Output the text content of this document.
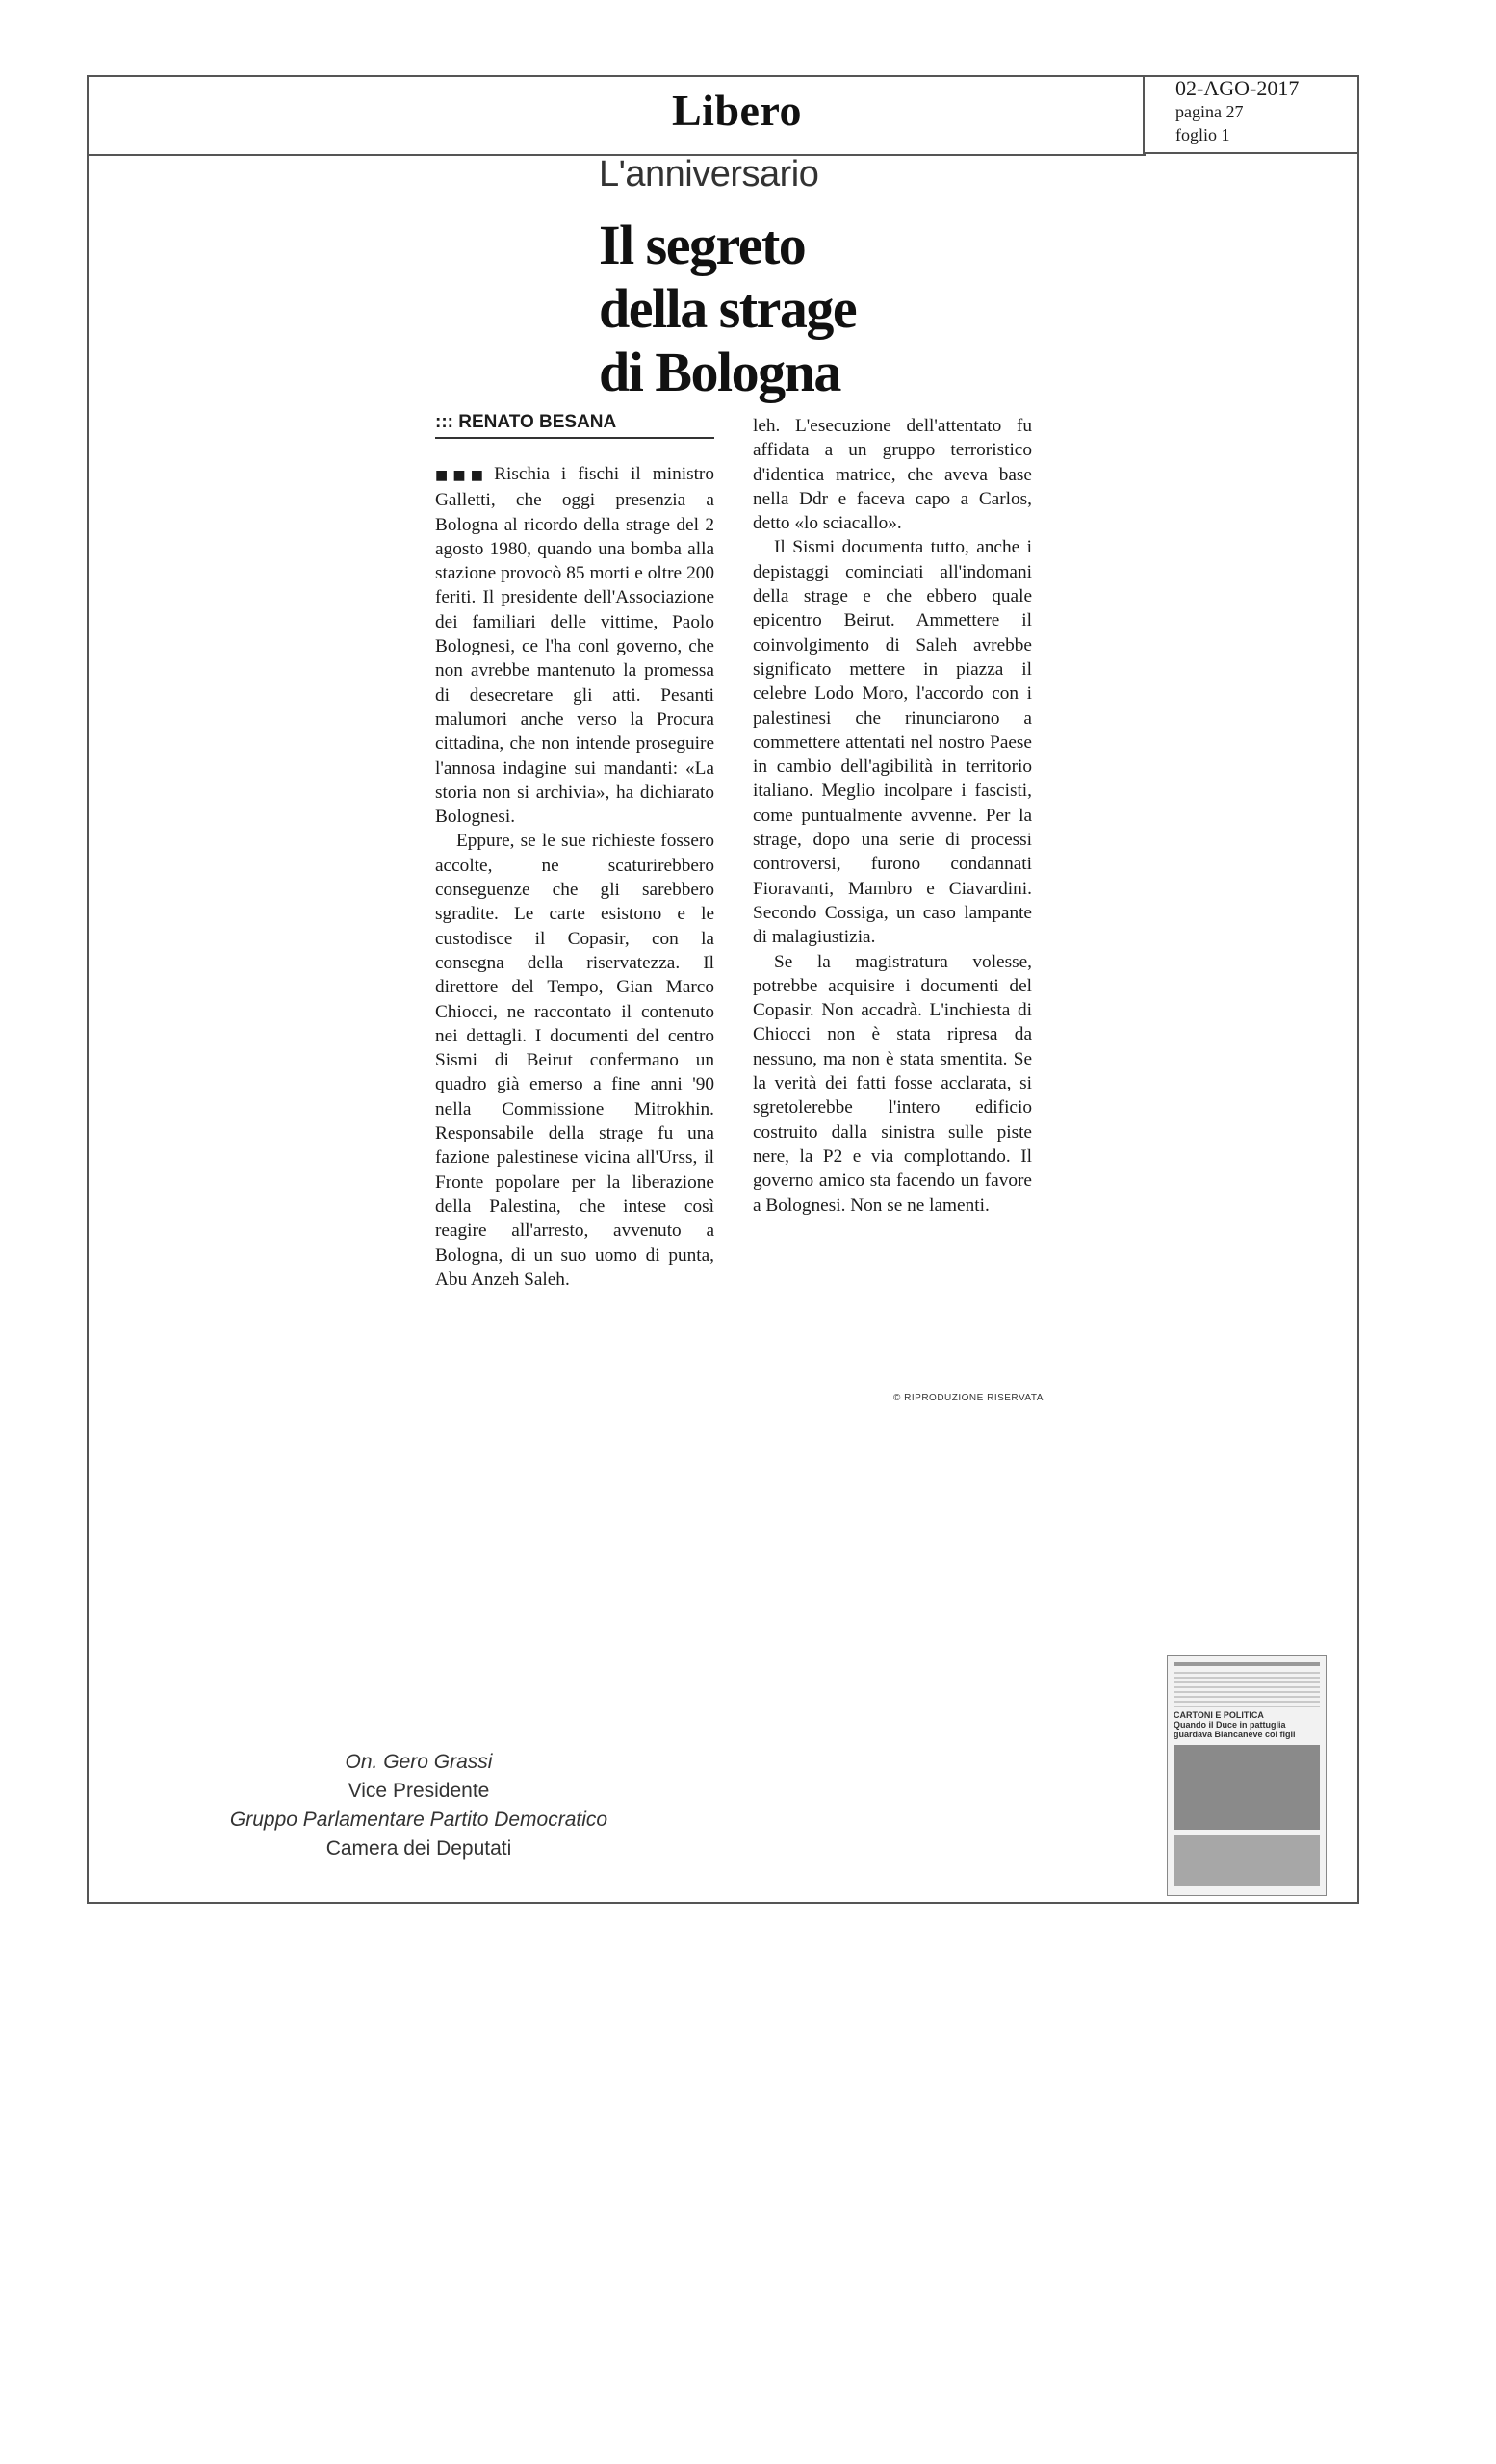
Libero	02-AGO-2017
pagina 27
foglio 1
L'anniversario
Il segreto
della strage
di Bologna
::: RENATO BESANA

■■■ Rischia i fischi il ministro Galletti, che oggi presenzia a Bologna al ricordo della strage del 2 agosto 1980, quando una bomba alla stazione provocò 85 morti e oltre 200 feriti. Il presidente dell'Associazione dei familiari delle vittime, Paolo Bolognesi, ce l'ha conl governo, che non avrebbe mantenuto la promessa di desecretare gli atti. Pesanti malumori anche verso la Procura cittadina, che non intende proseguire l'annosa indagine sui mandanti: «La storia non si archivia», ha dichiarato Bolognesi.

Eppure, se le sue richieste fossero accolte, ne scaturirebbero conseguenze che gli sarebbero sgradite. Le carte esistono e le custodisce il Copasir, con la consegna della riservatezza. Il direttore del Tempo, Gian Marco Chiocci, ne raccontato il contenuto nei dettagli. I documenti del centro Sismi di Beirut confermano un quadro già emerso a fine anni '90 nella Commissione Mitrokhin. Responsabile della strage fu una fazione palestinese vicina all'Urss, il Fronte popolare per la liberazione della Palestina, che intese così reagire all'arresto, avvenuto a Bologna, di un suo uomo di punta, Abu Anzeh Saleh.

leh. L'esecuzione dell'attentato fu affidata a un gruppo terroristico d'identica matrice, che aveva base nella Ddr e faceva capo a Carlos, detto «lo sciacallo».

Il Sismi documenta tutto, anche i depistaggi cominciati all'indomani della strage e che ebbero quale epicentro Beirut. Ammettere il coinvolgimento di Saleh avrebbe significato mettere in piazza il celebre Lodo Moro, l'accordo con i palestinesi che rinunciarono a commettere attentati nel nostro Paese in cambio dell'agibilità in territorio italiano. Meglio incolpare i fascisti, come puntualmente avvenne. Per la strage, dopo una serie di processi controversi, furono condannati Fioravanti, Mambro e Ciavardini. Secondo Cossiga, un caso lampante di malagiustizia.

Se la magistratura volesse, potrebbe acquisire i documenti del Copasir. Non accadrà. L'inchiesta di Chiocci non è stata ripresa da nessuno, ma non è stata smentita. Se la verità dei fatti fosse acclarata, si sgretolerebbe l'intero edificio costruito dalla sinistra sulle piste nere, la P2 e via complottando. Il governo amico sta facendo un favore a Bolognesi. Non se ne lamenti.

© RIPRODUZIONE RISERVATA
CARTONI E POLITICA
Quando il Duce in pattuglia guardava Biancaneve coi figli
On. Gero Grassi
Vice Presidente
Gruppo Parlamentare Partito Democratico
Camera dei Deputati
